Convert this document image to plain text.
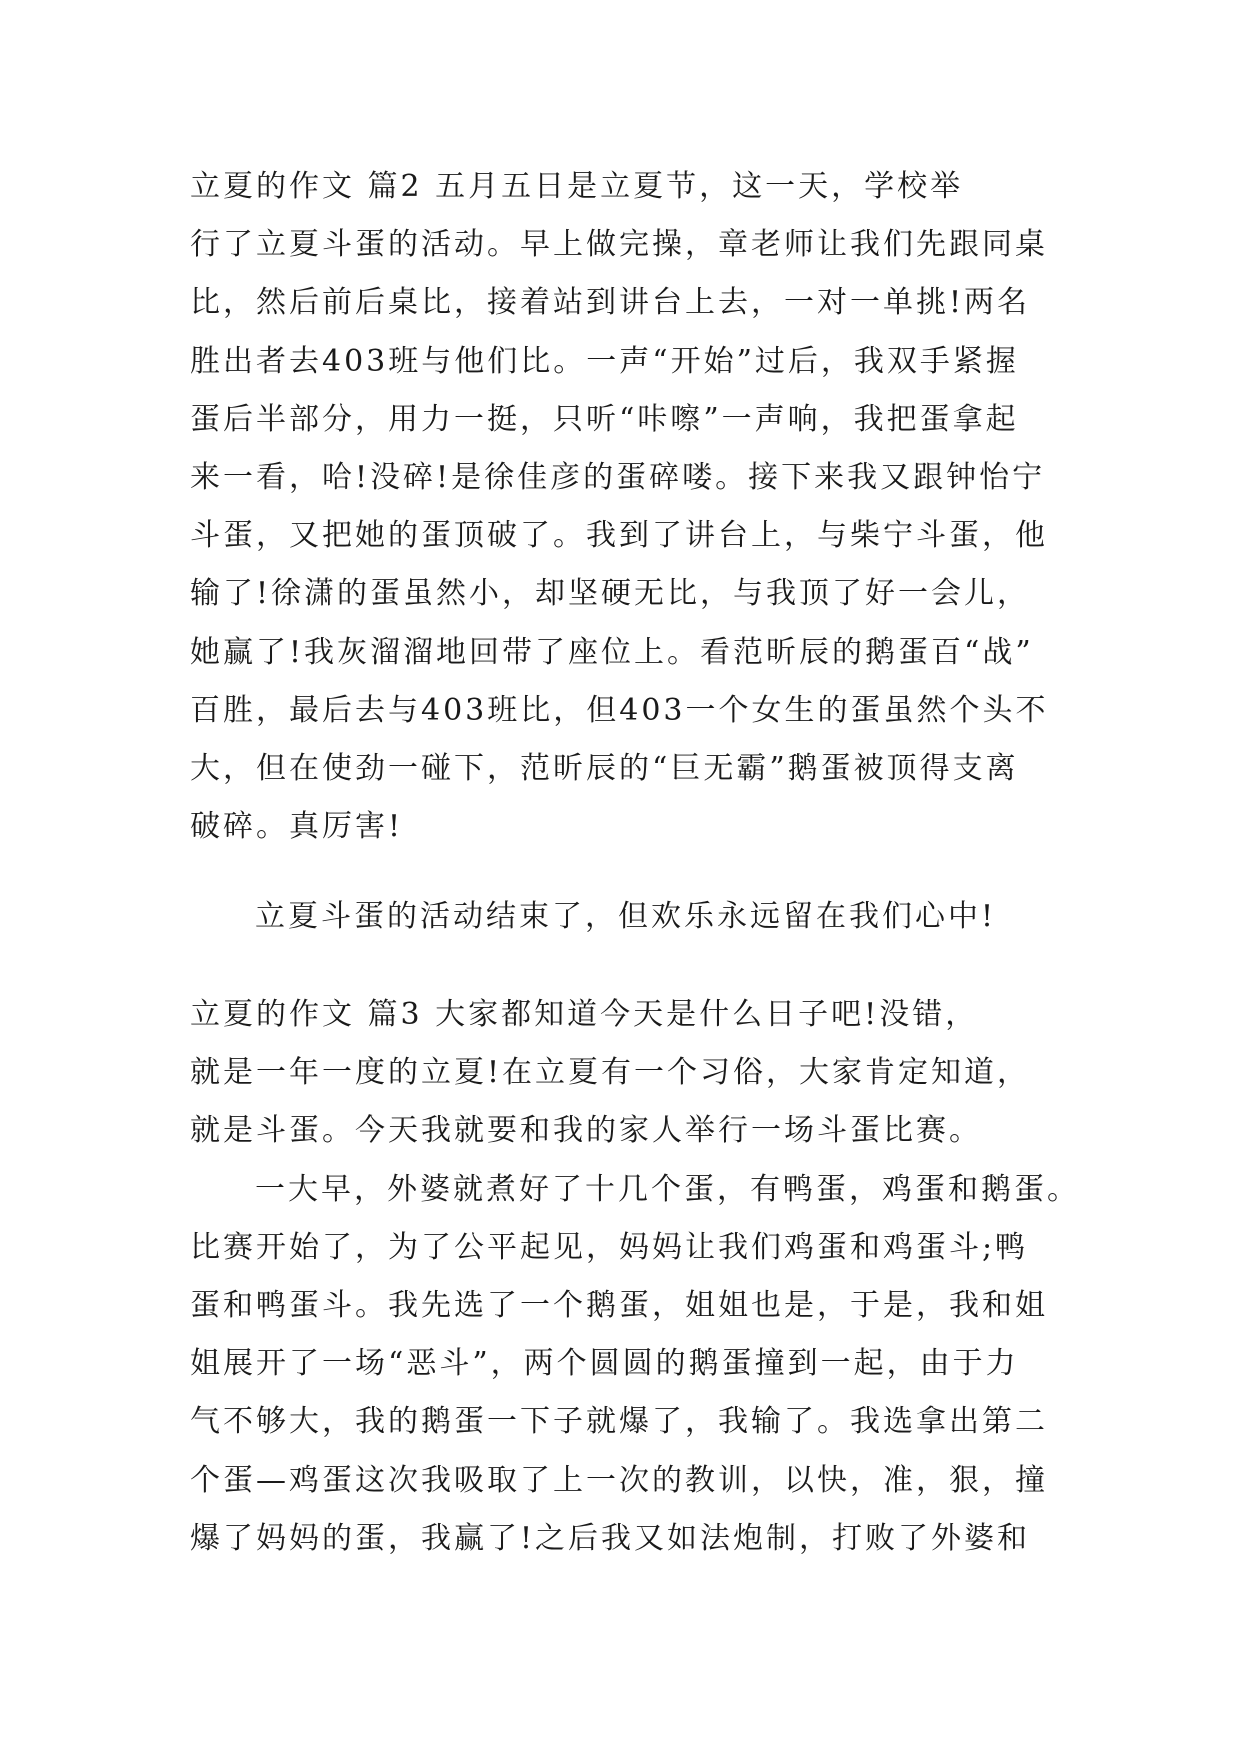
立夏的作文 篇2 五月五日是立夏节，这一天，学校举
行了立夏斗蛋的活动。早上做完操，章老师让我们先跟同桌
比，然后前后桌比，接着站到讲台上去，一对一单挑!两名
胜出者去403班与他们比。一声“开始”过后，我双手紧握
蛋后半部分，用力一挺，只听“咔嚓”一声响，我把蛋拿起
来一看，哈!没碎!是徐佳彦的蛋碎喽。接下来我又跟钟怡宁
斗蛋，又把她的蛋顶破了。我到了讲台上，与柴宁斗蛋，他
输了!徐潇的蛋虽然小，却坚硬无比，与我顶了好一会儿，
她赢了!我灰溜溜地回带了座位上。看范昕辰的鹅蛋百“战”
百胜，最后去与403班比，但403一个女生的蛋虽然个头不
大，但在使劲一碰下，范昕辰的“巨无霸”鹅蛋被顶得支离
破碎。真厉害!
立夏斗蛋的活动结束了，但欢乐永远留在我们心中!
立夏的作文 篇3 大家都知道今天是什么日子吧!没错，
就是一年一度的立夏!在立夏有一个习俗，大家肯定知道，
就是斗蛋。今天我就要和我的家人举行一场斗蛋比赛。
一大早，外婆就煮好了十几个蛋，有鸭蛋，鸡蛋和鹅蛋。
比赛开始了，为了公平起见，妈妈让我们鸡蛋和鸡蛋斗;鸭
蛋和鸭蛋斗。我先选了一个鹅蛋，姐姐也是，于是，我和姐
姐展开了一场“恶斗”，两个圆圆的鹅蛋撞到一起，由于力
气不够大，我的鹅蛋一下子就爆了，我输了。我选拿出第二
个蛋—鸡蛋这次我吸取了上一次的教训，以快，准，狠，撞
爆了妈妈的蛋，我赢了!之后我又如法炮制，打败了外婆和
